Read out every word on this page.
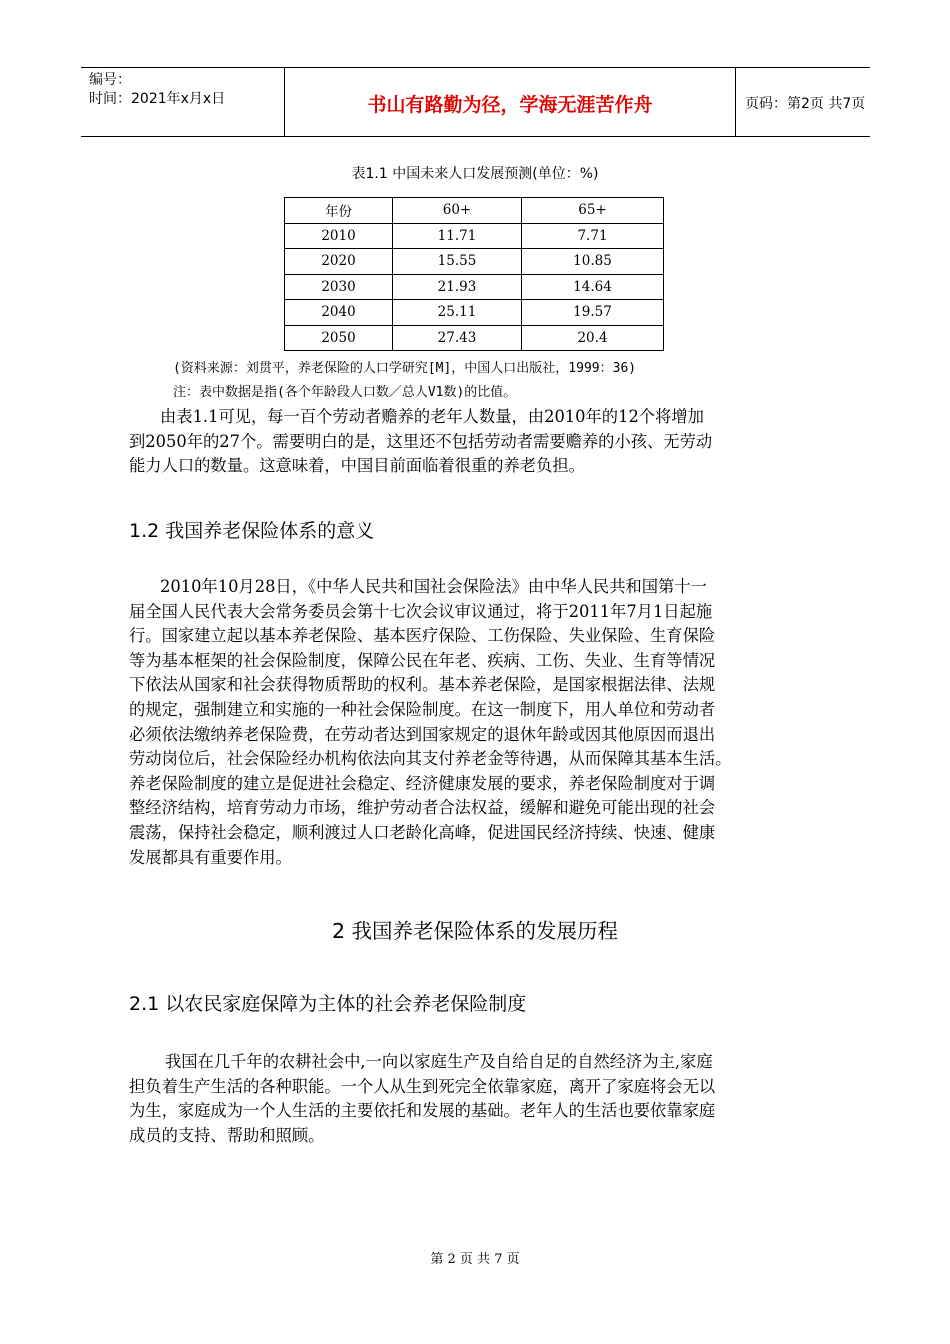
编号：
时间：2021年x月x日	书山有路勤为径，学海无涯苦作舟	页码：第2页 共7页
表1.1 中国未来人口发展预测(单位：%)
年份	60+	65+
2010	11.71	7.71
2020	15.55	10.85
2030	21.93	14.64
2040	25.11	19.57
2050	27.43	20.4
(资料来源：刘贯平，养老保险的人口学研究[M]，中国人口出版社，1999：36)
注：表中数据是指(各个年龄段人口数／总人V1数)的比值。
由表1.1可见，每一百个劳动者赡养的老年人数量，由2010年的12个将增加
到2050年的27个。需要明白的是，这里还不包括劳动者需要赡养的小孩、无劳动
能力人口的数量。这意味着，中国目前面临着很重的养老负担。
1.2 我国养老保险体系的意义
2010年10月28日，《中华人民共和国社会保险法》由中华人民共和国第十一
届全国人民代表大会常务委员会第十七次会议审议通过，将于2011年7月1日起施
行。国家建立起以基本养老保险、基本医疗保险、工伤保险、失业保险、生育保险
等为基本框架的社会保险制度，保障公民在年老、疾病、工伤、失业、生育等情况
下依法从国家和社会获得物质帮助的权利。基本养老保险，是国家根据法律、法规
的规定，强制建立和实施的一种社会保险制度。在这一制度下，用人单位和劳动者
必须依法缴纳养老保险费，在劳动者达到国家规定的退休年龄或因其他原因而退出
劳动岗位后，社会保险经办机构依法向其支付养老金等待遇，从而保障其基本生活。
养老保险制度的建立是促进社会稳定、经济健康发展的要求，养老保险制度对于调
整经济结构，培育劳动力市场，维护劳动者合法权益，缓解和避免可能出现的社会
震荡，保持社会稳定，顺利渡过人口老龄化高峰，促进国民经济持续、快速、健康
发展都具有重要作用。
2 我国养老保险体系的发展历程
2.1 以农民家庭保障为主体的社会养老保险制度
我国在几千年的农耕社会中,一向以家庭生产及自给自足的自然经济为主,家庭
担负着生产生活的各种职能。一个人从生到死完全依靠家庭，离开了家庭将会无以
为生，家庭成为一个人生活的主要依托和发展的基础。老年人的生活也要依靠家庭
成员的支持、帮助和照顾。
第 2 页 共 7 页
